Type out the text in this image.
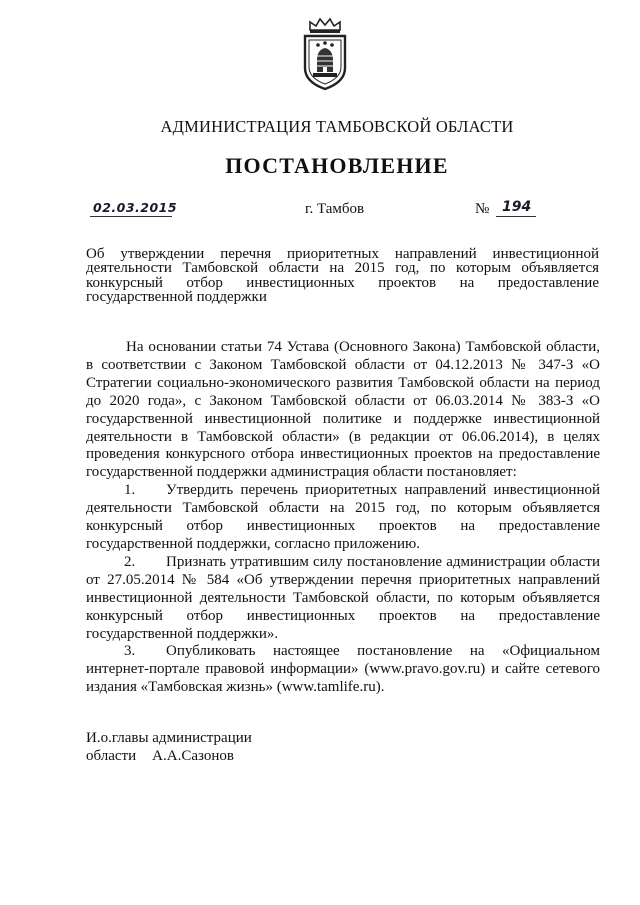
АДМИНИСТРАЦИЯ ТАМБОВСКОЙ ОБЛАСТИ
ПОСТАНОВЛЕНИЕ
02.03.2015	г. Тамбов	№ 194
Об утверждении перечня приоритетных направлений инвестиционной деятельности Тамбовской области на 2015 год, по которым объявляется конкурсный отбор инвестиционных проектов на предоставление государственной поддержки

На основании статьи 74 Устава (Основного Закона) Тамбовской области, в соответствии с Законом Тамбовской области от 04.12.2013 № 347-З «О Стратегии социально-экономического развития Тамбовской области на период до 2020 года», с Законом Тамбовской области от 06.03.2014 № 383-З «О государственной инвестиционной политике и поддержке инвестиционной деятельности в Тамбовской области» (в редакции от 06.06.2014), в целях проведения конкурсного отбора инвестиционных проектов на предоставление государственной поддержки администрация области постановляет:

1. Утвердить перечень приоритетных направлений инвестиционной деятельности Тамбовской области на 2015 год, по которым объявляется конкурсный отбор инвестиционных проектов на предоставление государственной поддержки, согласно приложению.

2. Признать утратившим силу постановление администрации области от 27.05.2014 № 584 «Об утверждении перечня приоритетных направлений инвестиционной деятельности Тамбовской области, по которым объявляется конкурсный отбор инвестиционных проектов на предоставление государственной поддержки».

3. Опубликовать настоящее постановление на «Официальном интернет-портале правовой информации» (www.pravo.gov.ru) и сайте сетевого издания «Тамбовская жизнь» (www.tamlife.ru).

И.о.главы администрации
области А.А.Сазонов
